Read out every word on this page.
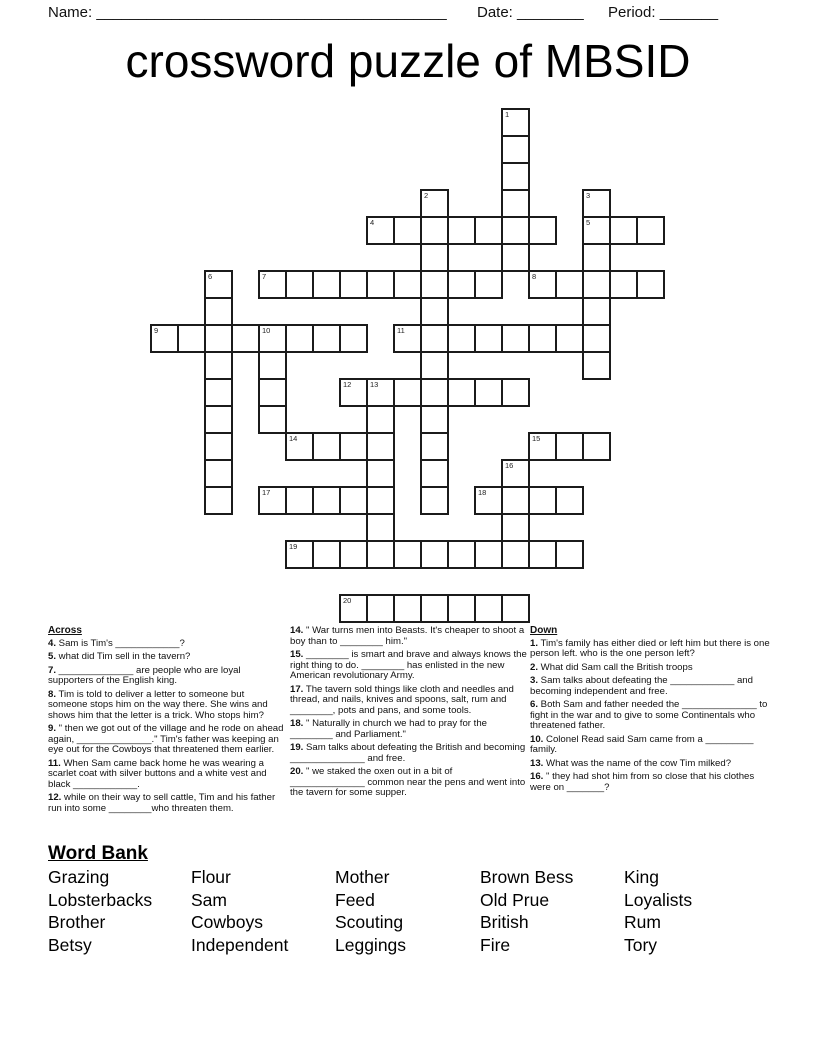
Name: __________________________________________ Date: ________ Period: _______
crossword puzzle of MBSID
1
2	3
5
4
6	7	8
9	10	11
12 13
14	15
16
17	18
19
20

Across

4. Sam is Tim's ____________?

5. what did Tim sell in the tavern?

7. ______________ are people who are loyal supporters of the English king.

8. Tim is told to deliver a letter to someone but someone stops him on the way there. She wins and shows him that the letter is a trick. Who stops him?

9. " then we got out of the village and he rode on ahead again, ______________." Tim's father was keeping an eye out for the Cowboys that threatened them earlier.

11. When Sam came back home he was wearing a scarlet coat with silver buttons and a white vest and black ____________.

12. while on their way to sell cattle, Tim and his father run into some ________who threaten them.

14. " War turns men into Beasts. It's cheaper to shoot a boy than to ________ him."

15. ________ is smart and brave and always knows the right thing to do. ________ has enlisted in the new American revolutionary Army.

17. The tavern sold things like cloth and needles and thread, and nails, knives and spoons, salt, rum and ________, pots and pans, and some tools.

18. " Naturally in church we had to pray for the ________ and Parliament."

19. Sam talks about defeating the British and becoming ______________ and free.

20. " we staked the oxen out in a bit of ______________ common near the pens and went into the tavern for some supper.

Down

1. Tim's family has either died or left him but there is one person left. who is the one person left?

2. What did Sam call the British troops

3. Sam talks about defeating the ____________ and becoming independent and free.

6. Both Sam and father needed the ______________ to fight in the war and to give to some Continentals who threatened father.

10. Colonel Read said Sam came from a _________ family.

13. What was the name of the cow Tim milked?

16. " they had shot him from so close that his clothes were on _______?

Word Bank
Grazing	Flour	Mother	Brown Bess	King
Lobsterbacks	Sam	Feed	Old Prue	Loyalists
Brother	Cowboys	Scouting	British	Rum
Betsy	Independent	Leggings	Fire	Tory
